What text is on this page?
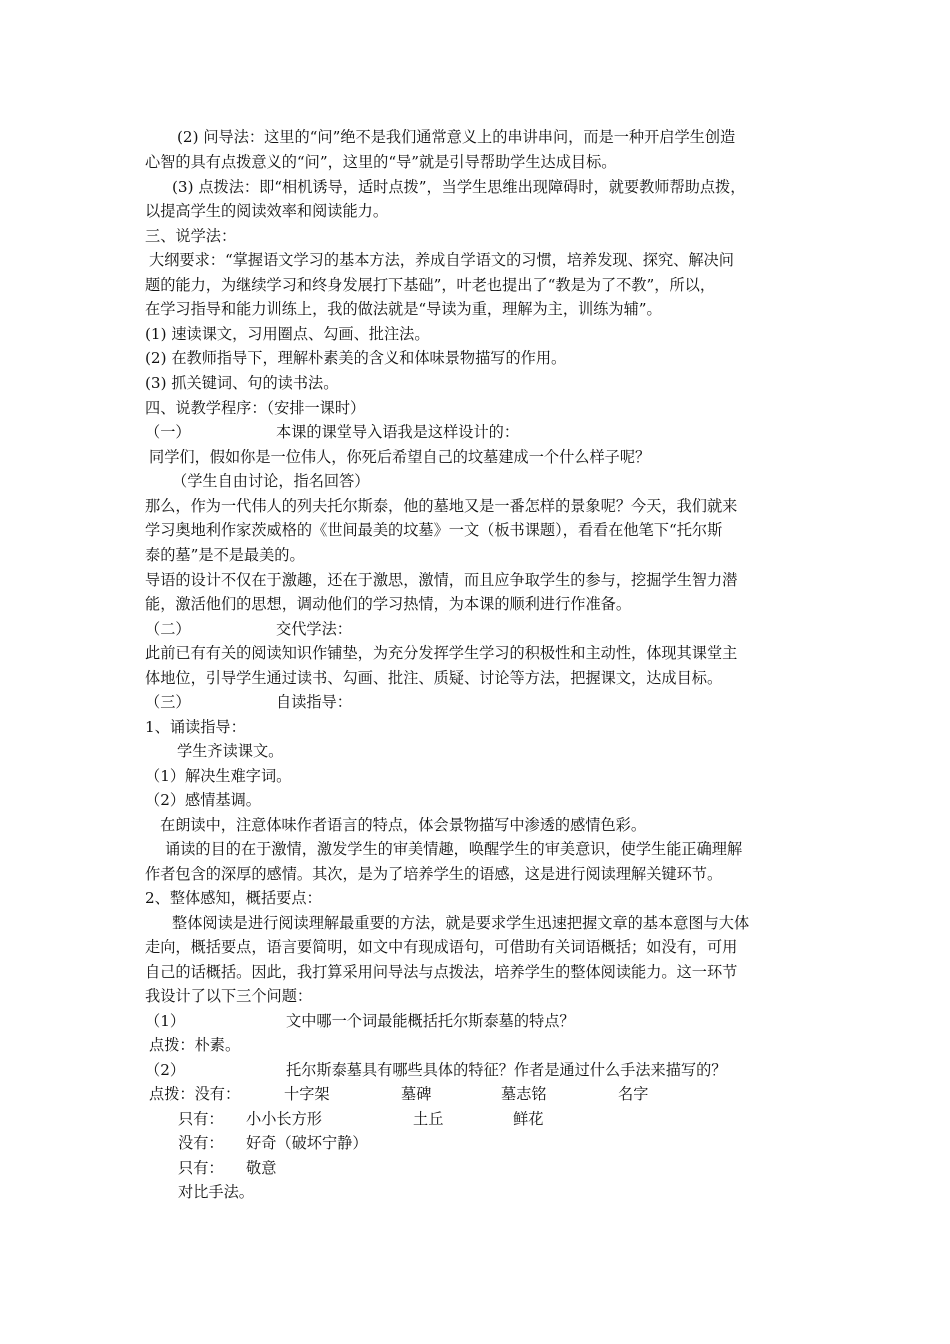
(2) 问导法：这里的“问”绝不是我们通常意义上的串讲串问，而是一种开启学生创造
心智的具有点拨意义的“问”，这里的“导”就是引导帮助学生达成目标。
(3) 点拨法：即“相机诱导，适时点拨”，当学生思维出现障碍时，就要教师帮助点拨，
以提高学生的阅读效率和阅读能力。
三、说学法：
大纲要求：“掌握语文学习的基本方法，养成自学语文的习惯，培养发现、探究、解决问
题的能力，为继续学习和终身发展打下基础”，叶老也提出了“教是为了不教”，所以，
在学习指导和能力训练上，我的做法就是“导读为重，理解为主，训练为辅”。
(1) 速读课文，习用圈点、勾画、批注法。
(2) 在教师指导下，理解朴素美的含义和体味景物描写的作用。
(3) 抓关键词、句的读书法。
四、说教学程序：（安排一课时）
（一）	本课的课堂导入语我是这样设计的：
同学们，假如你是一位伟人，你死后希望自己的坟墓建成一个什么样子呢？
（学生自由讨论，指名回答）
那么，作为一代伟人的列夫托尔斯泰，他的墓地又是一番怎样的景象呢？今天，我们就来
学习奥地利作家茨威格的《世间最美的坟墓》一文（板书课题），看看在他笔下“托尔斯
泰的墓”是不是最美的。
导语的设计不仅在于激趣，还在于激思，激情，而且应争取学生的参与，挖掘学生智力潜
能，激活他们的思想，调动他们的学习热情，为本课的顺利进行作准备。
（二）	交代学法：
此前已有有关的阅读知识作铺垫，为充分发挥学生学习的积极性和主动性，体现其课堂主
体地位，引导学生通过读书、勾画、批注、质疑、讨论等方法，把握课文，达成目标。
（三）	自读指导：
1、诵读指导：
学生齐读课文。
（1）解决生难字词。
（2）感情基调。
在朗读中，注意体味作者语言的特点，体会景物描写中渗透的感情色彩。
诵读的目的在于激情，激发学生的审美情趣，唤醒学生的审美意识，使学生能正确理解
作者包含的深厚的感情。其次，是为了培养学生的语感，这是进行阅读理解关键环节。
2、整体感知，概括要点：
整体阅读是进行阅读理解最重要的方法，就是要求学生迅速把握文章的基本意图与大体
走向，概括要点，语言要简明，如文中有现成语句，可借助有关词语概括；如没有，可用
自己的话概括。因此，我打算采用问导法与点拨法，培养学生的整体阅读能力。这一环节
我设计了以下三个问题：
（1）	文中哪一个词最能概括托尔斯泰墓的特点？
点拨：朴素。
（2）	托尔斯泰墓具有哪些具体的特征？作者是通过什么手法来描写的？
点拨：没有：	十字架	墓碑	墓志铭	名字
只有： 小小长方形	土丘	鲜花
没有： 好奇（破坏宁静）
只有： 敬意
对比手法。
